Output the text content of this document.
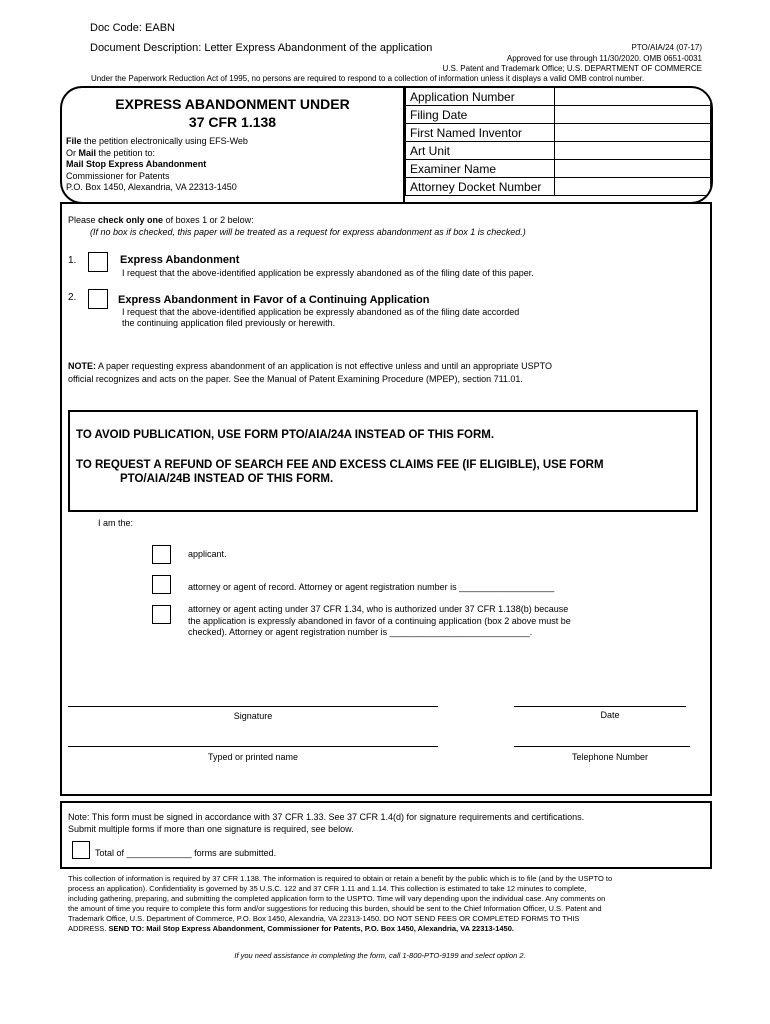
Doc Code: EABN
Document Description: Letter Express Abandonment of the application	PTO/AIA/24 (07-17)
Approved for use through 11/30/2020. OMB 0651-0031
U.S. Patent and Trademark Office; U.S. DEPARTMENT OF COMMERCE
Under the Paperwork Reduction Act of 1995, no persons are required to respond to a collection of information unless it displays a valid OMB control number.
EXPRESS ABANDONMENT UNDER
37 CFR 1.138
File the petition electronically using EFS-Web
Or Mail the petition to:
Mail Stop Express Abandonment
Commissioner for Patents
P.O. Box 1450, Alexandria, VA 22313-1450
Application Number	
Filing Date	
First Named Inventor	
Art Unit	
Examiner Name	
Attorney Docket Number	
Please check only one of boxes 1 or 2 below:
(If no box is checked, this paper will be treated as a request for express abandonment as if box 1 is checked.)
1.	Express Abandonment
I request that the above-identified application be expressly abandoned as of the filing date of this paper.
2.	Express Abandonment in Favor of a Continuing Application
I request that the above-identified application be expressly abandoned as of the filing date accorded
the continuing application filed previously or herewith.
NOTE: A paper requesting express abandonment of an application is not effective unless and until an appropriate USPTO
official recognizes and acts on the paper. See the Manual of Patent Examining Procedure (MPEP), section 711.01.
TO AVOID PUBLICATION, USE FORM PTO/AIA/24A INSTEAD OF THIS FORM.
TO REQUEST A REFUND OF SEARCH FEE AND EXCESS CLAIMS FEE (IF ELIGIBLE), USE FORM
PTO/AIA/24B INSTEAD OF THIS FORM.
I am the:
applicant.
attorney or agent of record. Attorney or agent registration number is ___________________
attorney or agent acting under 37 CFR 1.34, who is authorized under 37 CFR 1.138(b) because
the application is expressly abandoned in favor of a continuing application (box 2 above must be
checked). Attorney or agent registration number is ____________________________.
Signature	Date
Typed or printed name	Telephone Number
Note: This form must be signed in accordance with 37 CFR 1.33. See 37 CFR 1.4(d) for signature requirements and certifications.
Submit multiple forms if more than one signature is required, see below.
Total of _____________ forms are submitted.
This collection of information is required by 37 CFR 1.138. The information is required to obtain or retain a benefit by the public which is to file (and by the USPTO to
process an application). Confidentiality is governed by 35 U.S.C. 122 and 37 CFR 1.11 and 1.14. This collection is estimated to take 12 minutes to complete,
including gathering, preparing, and submitting the completed application form to the USPTO. Time will vary depending upon the individual case. Any comments on
the amount of time you require to complete this form and/or suggestions for reducing this burden, should be sent to the Chief Information Officer, U.S. Patent and
Trademark Office, U.S. Department of Commerce, P.O. Box 1450, Alexandria, VA 22313-1450. DO NOT SEND FEES OR COMPLETED FORMS TO THIS
ADDRESS. SEND TO: Mail Stop Express Abandonment, Commissioner for Patents, P.O. Box 1450, Alexandria, VA 22313-1450.
If you need assistance in completing the form, call 1-800-PTO-9199 and select option 2.
